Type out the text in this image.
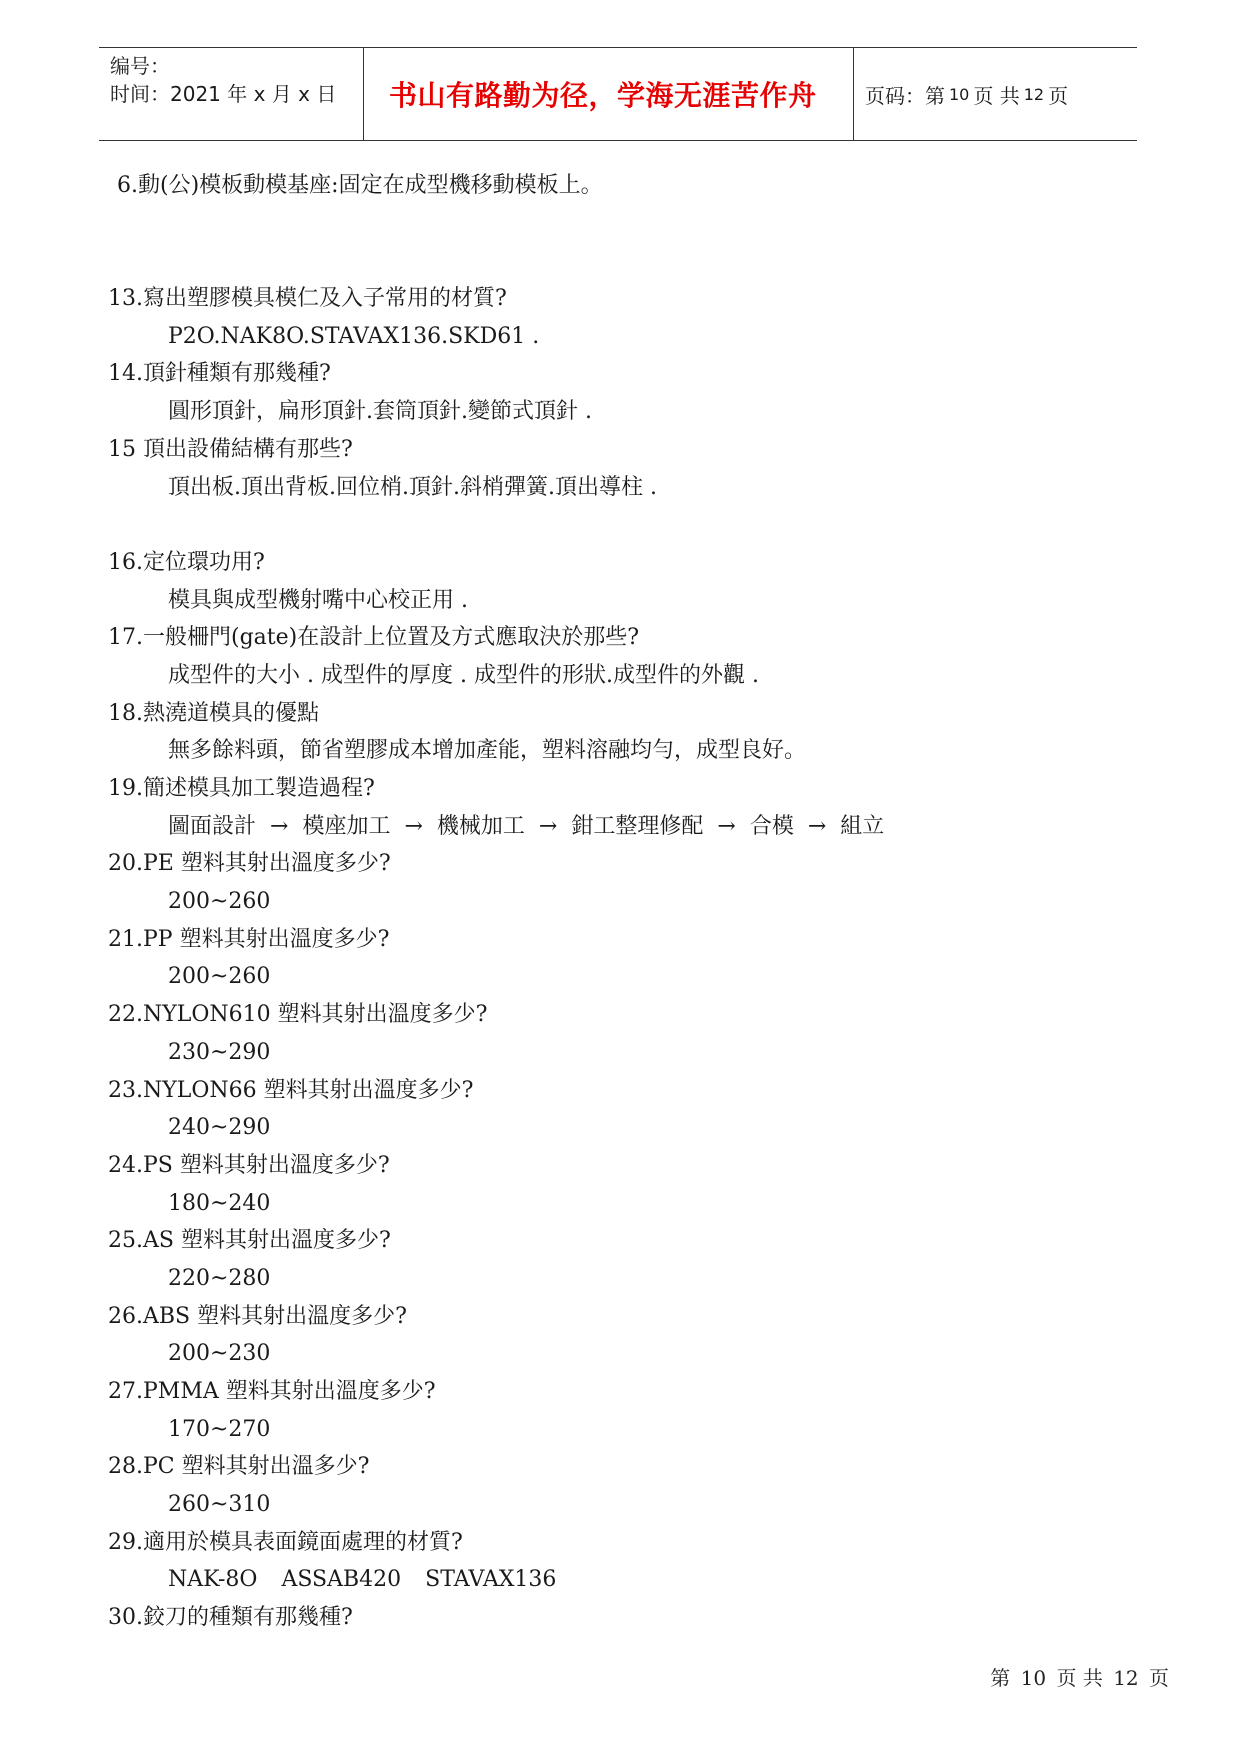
编号：
时间：2021 年 x 月 x 日	书山有路勤为径，学海无涯苦作舟 页码：第 10 页 共 12 页
6.動(公)模板動模基座:固定在成型機移動模板上。
13.寫出塑膠模具模仁及入子常用的材質?
P2O.NAK8O.STAVAX136.SKD61 .
14.頂針種類有那幾種?
圓形頂針，扁形頂針.套筒頂針.變節式頂針 .
15 頂出設備結構有那些?
頂出板.頂出背板.回位梢.頂針.斜梢彈簧.頂出導柱 .
16.定位環功用?
模具與成型機射嘴中心校正用 .
17.一般柵門(gate)在設計上位置及方式應取決於那些?
成型件的大小 . 成型件的厚度 . 成型件的形狀.成型件的外觀 .
18.熱澆道模具的優點
無多餘料頭，節省塑膠成本增加產能，塑料溶融均勻，成型良好。
19.簡述模具加工製造過程?
圖面設計 → 模座加工 → 機械加工 → 鉗工整理修配 → 合模 → 組立
20.PE 塑料其射出溫度多少?
200~260
21.PP 塑料其射出溫度多少?
200~260
22.NYLON610 塑料其射出溫度多少?
230~290
23.NYLON66 塑料其射出溫度多少?
240~290
24.PS 塑料其射出溫度多少?
180~240
25.AS 塑料其射出溫度多少?
220~280
26.ABS 塑料其射出溫度多少?
200~230
27.PMMA 塑料其射出溫度多少?
170~270
28.PC 塑料其射出溫多少?
260~310
29.適用於模具表面鏡面處理的材質?
NAK-8O ASSAB420 STAVAX136
30.鉸刀的種類有那幾種?
第 10 页 共 12 页
